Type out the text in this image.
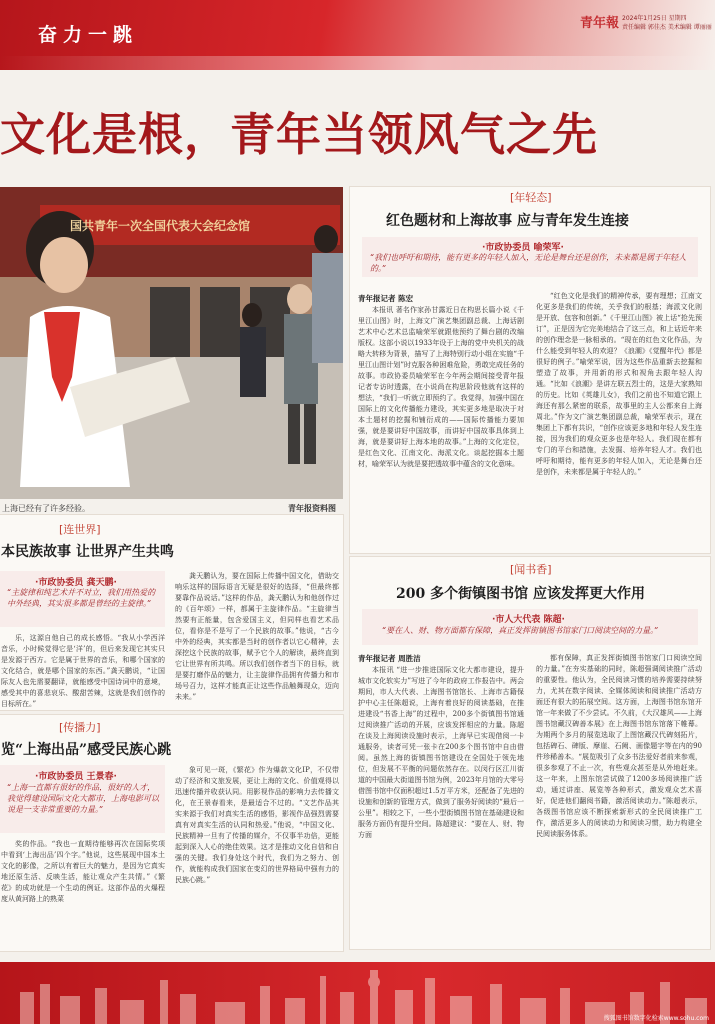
奋力一跳
青年報 2024年1月25日 星期四
责任编辑 郭佳杰 美术编辑 谭丽丽
文化是根，青年当领风气之先
国共青年一次全国代表大会纪念馆
上海已经有了许多经验。	青年报资料图
[年轻态]
红色题材和上海故事 应与青年发生连接
·市政协委员 喻荣军·
“我们也呼吁和期待，能有更多的年轻人加入，无论是舞台还是创作，未来都是属于年轻人的。”
青年报记者 陈宏

本报讯 著名作家孙甘露近日在构思长篇小说《千里江山图》时，上海文广演艺集团副总裁、上海话剧艺术中心艺术总监喻荣军就跟他预约了舞台剧的改编版权。这部小说以1933年设于上海的党中央机关的战略大转移为背景，描写了上海特别行动小组在实施“千里江山图计划”时克服各种困难危险，勇敢完成任务的故事。市政协委员喻荣军在今年两会期间接受青年报记者专访时透露，在小说尚在构思阶段他就有这样的想法，“我们一听就立即预约了。我觉得，加强中国在国际上的文化传播能力建设，其实更多地是取决于对本土题材的挖掘和铺衍成的——国际传播能力要加强，就是要讲好中国故事，而讲好中国故事具体到上海，就是要讲好上海本地的故事。”上海的文化定位，是红色文化、江南文化、海派文化。谈起挖掘本土题材，喻荣军认为就是要把透故事中蕴含的文化意味。

“红色文化是我们的精神传承，要有理想；江南文化更多是我们的传统，关乎我们的根基；海派文化则是开放、包容和创新。”《千里江山图》被上话“抢先预订”，正是因为它完美地结合了这三点，和上话近年来的创作理念是一脉相承的。“现在的红色文化作品，为什么能受到年轻人的欢迎？《浪潮》《觉醒年代》都是很好的例子。”喻荣军说，因为这些作品重新去挖掘和塑造了故事，并用新的形式和视角去跟年轻人沟通。“比如《浪潮》是讲左联五烈士的，这是大家熟知的历史。比如《英雄儿女》，我们之前也不知道它跟上海还有那么紧密的联系，故事里的主人公都来自上海周北。”作为文广演艺集团副总裁，喻荣军表示，现在集团上下都有共识，“创作应该更多地和年轻人发生连接，因为我们的观众更多也是年轻人。我们现在都有专门的平台和措施，去发掘、培养年轻人才。我们也呼吁和期待，能有更多的年轻人加入，无论是舞台还是创作，未来都是属于年轻人的。”

[连世界]
本民族故事 让世界产生共鸣
·市政协委员 龚天鹏·
“主旋律和纯艺术并不对立，我们用热爱的中外经典，其实很多都是曾经的主旋律。”

乐，这源自他自己的成长感悟。“我从小学西洋音乐，小时候觉得它是‘洋’的，但后来发现它其实只是发源于西方。它是属于世界的音乐，和哪个国家的文化结合，就是哪个国家的东西。”龚天鹏说，“让国际友人也先需要翻译，就能感受中国诗词中的意境，感受其中的喜悲哀乐、酸甜苦辣，这就是我们创作的目标所在。”

龚天鹏认为，要在国际上传播中国文化，借助交响乐这样的国际语言无疑是很好的选择，“但最终都要靠作品说话。”这样的作品，龚天鹏认为和他创作过的《百年颂》一样，都属于主旋律作品。“主旋律当然要有正能量，包含爱国主义，但同样也看艺术品位，看你是不是写了一个民族的故事。”他说，“古今中外的经典，其实都是当时的创作者以它心精神，去深挖这个民族的故事，赋予它个人的解读，最终直到它让世界有所共鸣。所以我们创作者当下的目标，就是要打磨作品的魅力，让主旋律作品拥有传播力和市场号召力，这样才能真正让这些作品触舞现众，迈向未来。”

[传播力]
览“上海出品”感受民族心跳
·市政协委员 王景春·
“上海一直都有很好的作品，很好的人才，我觉得建设国际文化大都市，上海电影可以说是一支非常重要的力量。”

奖的作品。“我也一直期待能够再次在国际奖项中看到‘上海出品’四个字。”他说，这些展现中国本土文化的影像，之所以有着巨大的魅力，是因为它真实地还原生活、反映生活，能让观众产生共情。”《繁花》的成功就是一个生动的例证。这部作品的火爆程度从黄河路上的熟菜

象可见一斑，《繁花》作为爆款文化IP，不仅带动了经济和文旅发展，更让上海的文化、价值观得以迅速传播并收获认同。用影视作品的影响力去传播文化，在王景春看来，是最适合不过的。“文艺作品其实来源于我们对真实生活的感悟，影视作品强烈需要真有对真实生活的认同和热爱。”他说，“中国文化、民族精神一旦有了传播的媒介，不仅事半功倍，更能起到深入人心的绝佳效果。这才是推动文化自信和自强的关键。我们身处这个时代，我们为之努力、创作，就能构成我们国家在变幻的世界格局中强有力的民族心跳。”

[闻书香]
200 多个街镇图书馆 应该发挥更大作用
·市人大代表 陈超·
“要在人、财、物方面都有保障，真正发挥街镇图书馆家门口阅读空间的力量。”
青年报记者 周胜洁

本报讯 “进一步推进国际文化大都市建设，提升城市文化软实力”写进了今年的政府工作报告中。两会期间，市人大代表、上海图书馆馆长、上海市古籍保护中心主任陈超说，上海有着良好的阅读基础，在推进建设“书香上海”的过程中，200多个街镇图书馆通过阅读推广活动的开展，应该发挥相应的力量。陈超在谈及上海阅读设施时表示，上海早已实现借阅一卡通服务，读者可凭一张卡在200多个图书馆中自由借阅。虽然上海的街镇图书馆建设在全国处于领先地位，但发展不平衡的问题依然存在。以闵行区江川街道的中国最大街道图书馆为例，2023年月馆的大零号借图书馆中仅面积超过1.5万平方米，还配备了先进的设施和创新的管理方式，做到了服务好阅读的“最后一公里”。相较之下，一些小型街镇图书馆在基础建设和服务方面仍有提升空间。陈超建议：“要在人、财、物方面

都有保障，真正发挥街镇图书馆家门口阅读空间的力量。”在夯实基础的同时，陈超强调阅读推广活动的重要性。他认为，全民阅读习惯的培养需要持续努力，尤其在数字阅读、全媒体阅读和阅读推广活动方面还有很大的拓展空间。这方面，上海图书馆东馆开馆一年来做了不少尝试。不久前，《大汉雄风——上海图书馆藏汉碑善本展》在上海图书馆东馆落下帷幕。为期两个多月的展览选取了上图馆藏汉代碑刻拓片，包括碑石、碑版、摩崖、石阙、画像题字等在内的90件珍稀善本。“展览吸引了众多书法爱好者前来参观，很多参观了不止一次，有些观众甚至是从外地赶来。这一年来，上图东馆尝试做了1200多场阅读推广活动，通过讲座、展览等各种形式，激发观众艺术喜好，促进他们翻阅书籍，激活阅读动力。”陈超表示，各级图书馆应该不断探索新形式的全民阅读推广工作，激活更多人的阅读动力和阅读习惯，助力构建全民阅读服务体系。

搜狐图书馆数字化检索www.sohu.com
